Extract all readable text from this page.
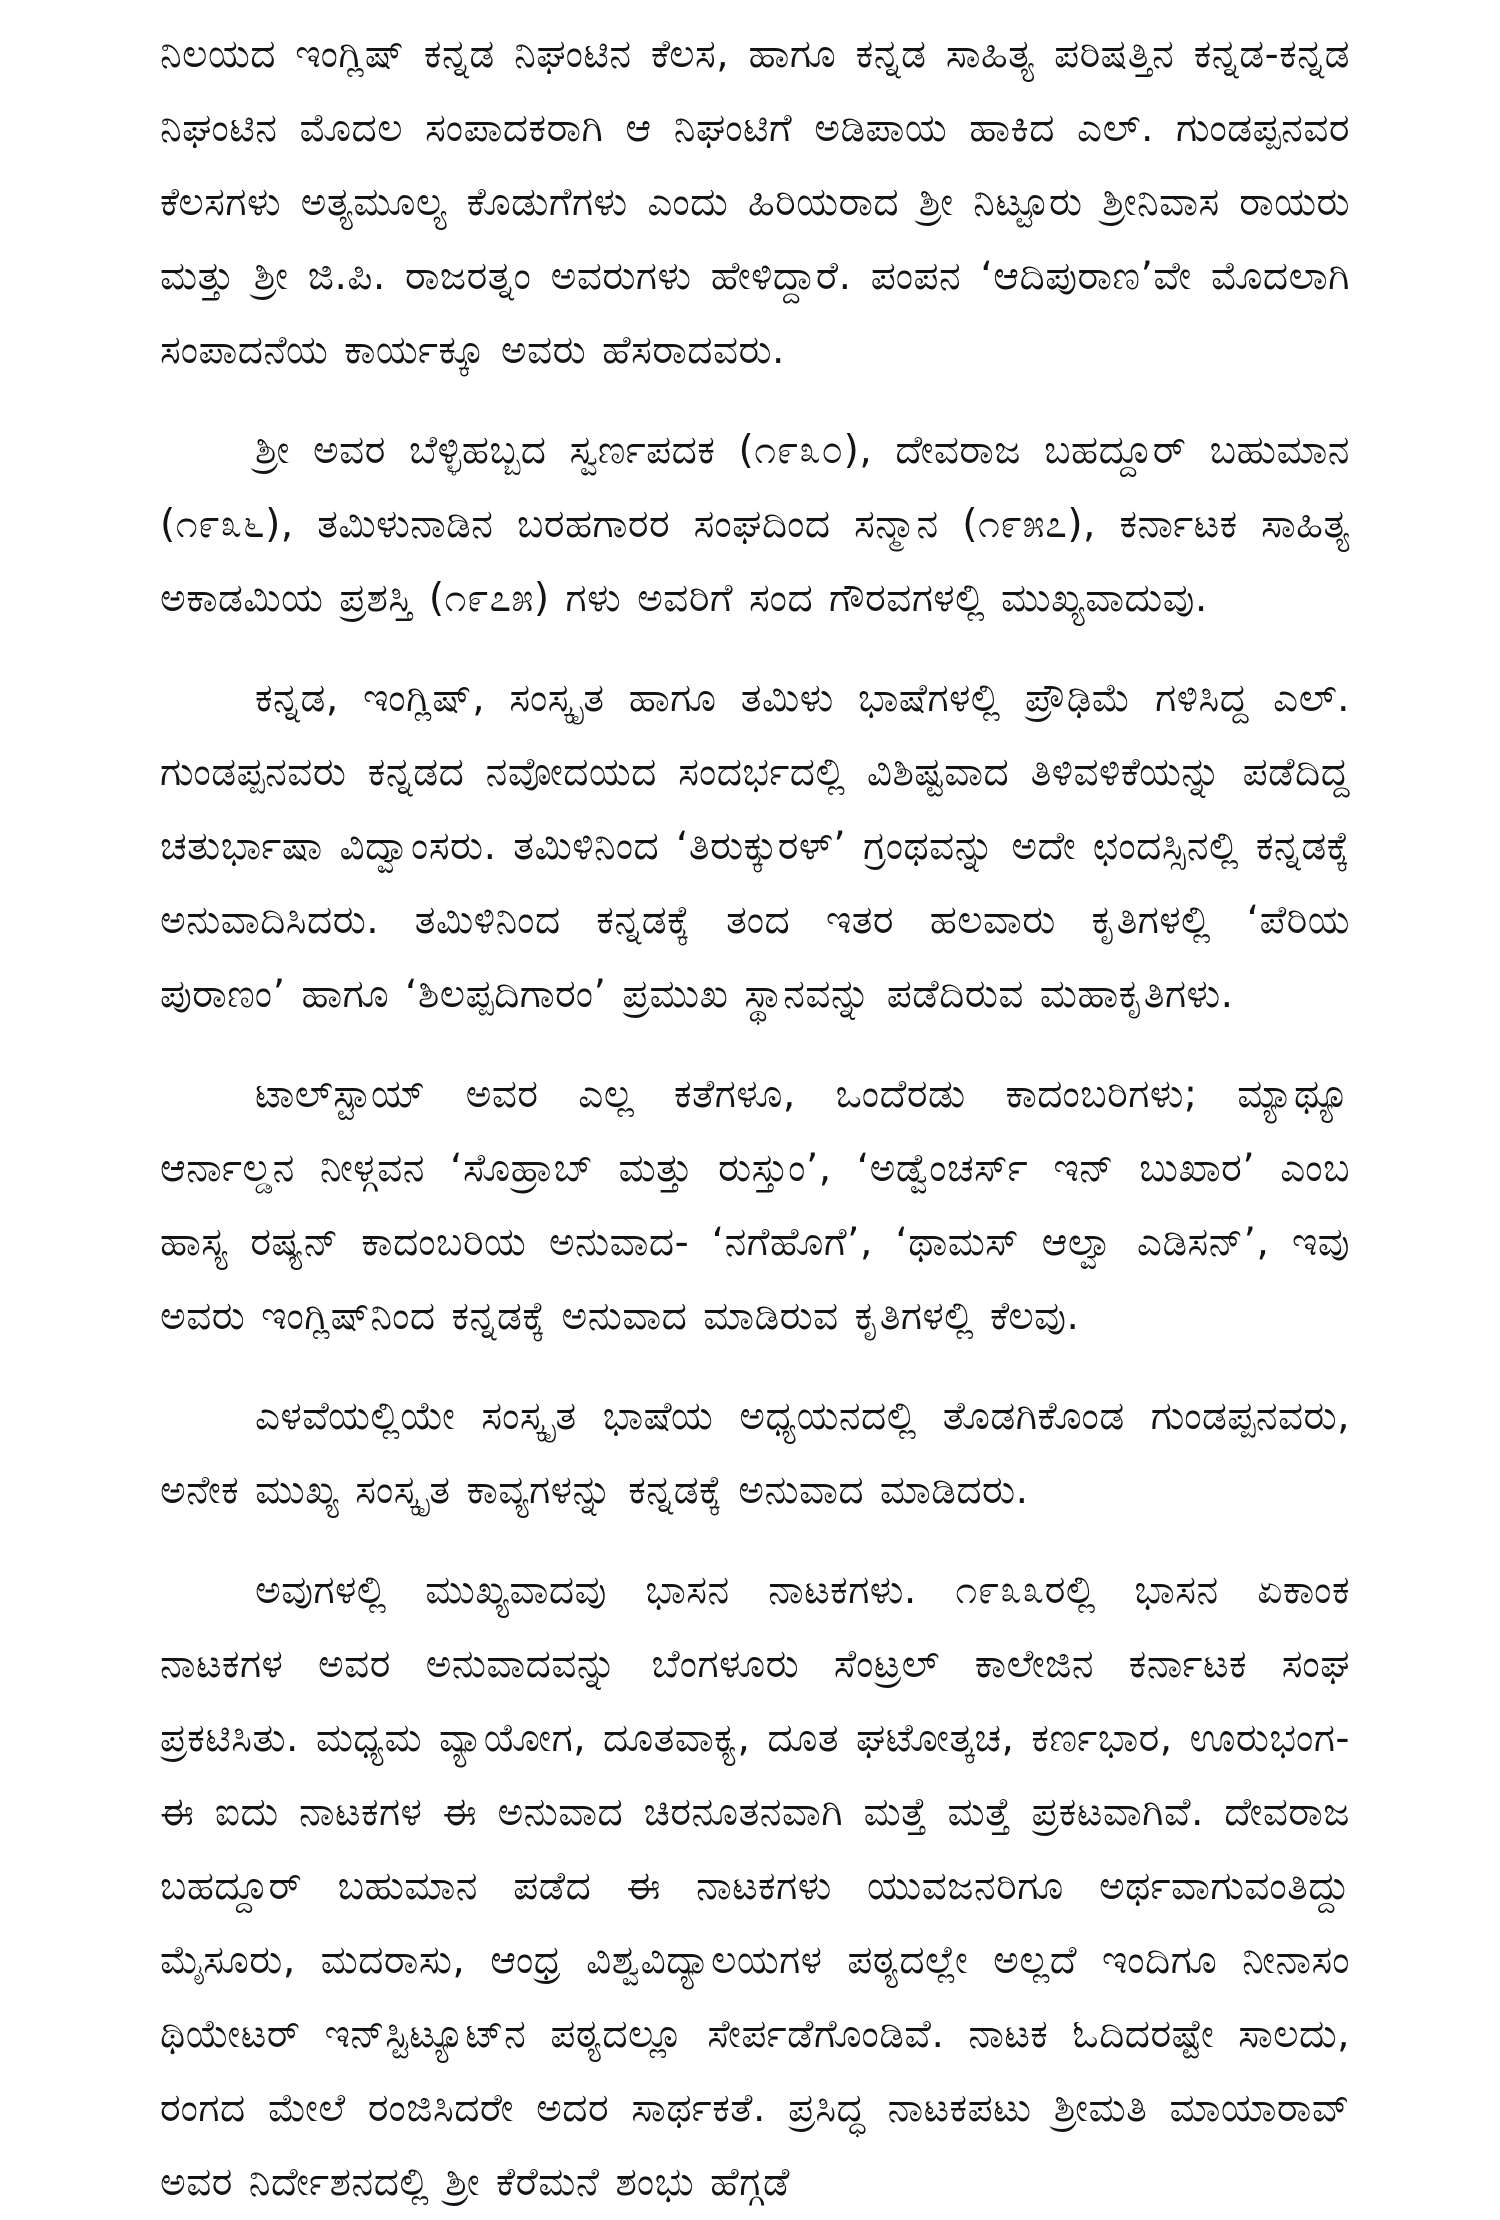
ನಿಲಯದ ಇಂಗ್ಲಿಷ್ ಕನ್ನಡ ನಿಘಂಟಿನ ಕೆಲಸ, ಹಾಗೂ ಕನ್ನಡ ಸಾಹಿತ್ಯ ಪರಿಷತ್ತಿನ ಕನ್ನಡ-ಕನ್ನಡ ನಿಘಂಟಿನ ಮೊದಲ ಸಂಪಾದಕರಾಗಿ ಆ ನಿಘಂಟಿಗೆ ಅಡಿಪಾಯ ಹಾಕಿದ ಎಲ್. ಗುಂಡಪ್ಪನವರ ಕೆಲಸಗಳು ಅತ್ಯಮೂಲ್ಯ ಕೊಡುಗೆಗಳು ಎಂದು ಹಿರಿಯರಾದ ಶ್ರೀ ನಿಟ್ಟೂರು ಶ್ರೀನಿವಾಸ ರಾಯರು ಮತ್ತು ಶ್ರೀ ಜಿ.ಪಿ. ರಾಜರತ್ನಂ ಅವರುಗಳು ಹೇಳಿದ್ದಾರೆ. ಪಂಪನ ‘ಆದಿಪುರಾಣ’ವೇ ಮೊದಲಾಗಿ ಸಂಪಾದನೆಯ ಕಾರ್ಯಕ್ಕೂ ಅವರು ಹೆಸರಾದವರು.

ಶ್ರೀ ಅವರ ಬೆಳ್ಳಿಹಬ್ಬದ ಸ್ವರ್ಣಪದಕ (೧೯೩೦), ದೇವರಾಜ ಬಹದ್ದೂರ್ ಬಹುಮಾನ (೧೯೩೬), ತಮಿಳುನಾಡಿನ ಬರಹಗಾರರ ಸಂಘದಿಂದ ಸನ್ಮಾನ (೧೯೫೭), ಕರ್ನಾಟಕ ಸಾಹಿತ್ಯ ಅಕಾಡಮಿಯ ಪ್ರಶಸ್ತಿ (೧೯೭೫) ಗಳು ಅವರಿಗೆ ಸಂದ ಗೌರವಗಳಲ್ಲಿ ಮುಖ್ಯವಾದುವು.

ಕನ್ನಡ, ಇಂಗ್ಲಿಷ್, ಸಂಸ್ಕೃತ ಹಾಗೂ ತಮಿಳು ಭಾಷೆಗಳಲ್ಲಿ ಪ್ರೌಢಿಮೆ ಗಳಿಸಿದ್ದ ಎಲ್. ಗುಂಡಪ್ಪನವರು ಕನ್ನಡದ ನವೋದಯದ ಸಂದರ್ಭದಲ್ಲಿ ವಿಶಿಷ್ಟವಾದ ತಿಳಿವಳಿಕೆಯನ್ನು ಪಡೆದಿದ್ದ ಚತುರ್ಭಾಷಾ ವಿದ್ವಾಂಸರು. ತಮಿಳಿನಿಂದ ‘ತಿರುಕ್ಕುರಳ್’ ಗ್ರಂಥವನ್ನು ಅದೇ ಛಂದಸ್ಸಿನಲ್ಲಿ ಕನ್ನಡಕ್ಕೆ ಅನುವಾದಿಸಿದರು. ತಮಿಳಿನಿಂದ ಕನ್ನಡಕ್ಕೆ ತಂದ ಇತರ ಹಲವಾರು ಕೃತಿಗಳಲ್ಲಿ ‘ಪೆರಿಯ ಪುರಾಣಂ’ ಹಾಗೂ ‘ಶಿಲಪ್ಪದಿಗಾರಂ’ ಪ್ರಮುಖ ಸ್ಥಾನವನ್ನು ಪಡೆದಿರುವ ಮಹಾಕೃತಿಗಳು.

ಟಾಲ್‌ಸ್ಟಾಯ್ ಅವರ ಎಲ್ಲ ಕತೆಗಳೂ, ಒಂದೆರಡು ಕಾದಂಬರಿಗಳು; ಮ್ಯಾಥ್ಯೂ ಆರ್ನಾಲ್ಡನ ನೀಳ್ಗವನ ‘ಸೊಹ್ರಾಬ್ ಮತ್ತು ರುಸ್ತುಂ’, ‘ಅಡ್ವೆಂಚರ್ಸ್ ಇನ್ ಬುಖಾರ’ ಎಂಬ ಹಾಸ್ಯ ರಷ್ಯನ್ ಕಾದಂಬರಿಯ ಅನುವಾದ- ‘ನಗೆಹೊಗೆ’, ‘ಥಾಮಸ್ ಆಲ್ವಾ ಎಡಿಸನ್’, ಇವು ಅವರು ಇಂಗ್ಲಿಷ್‌ನಿಂದ ಕನ್ನಡಕ್ಕೆ ಅನುವಾದ ಮಾಡಿರುವ ಕೃತಿಗಳಲ್ಲಿ ಕೆಲವು.

ಎಳವೆಯಲ್ಲಿಯೇ ಸಂಸ್ಕೃತ ಭಾಷೆಯ ಅಧ್ಯಯನದಲ್ಲಿ ತೊಡಗಿಕೊಂಡ ಗುಂಡಪ್ಪನವರು, ಅನೇಕ ಮುಖ್ಯ ಸಂಸ್ಕೃತ ಕಾವ್ಯಗಳನ್ನು ಕನ್ನಡಕ್ಕೆ ಅನುವಾದ ಮಾಡಿದರು.

ಅವುಗಳಲ್ಲಿ ಮುಖ್ಯವಾದವು ಭಾಸನ ನಾಟಕಗಳು. ೧೯೩೩ರಲ್ಲಿ ಭಾಸನ ಏಕಾಂಕ ನಾಟಕಗಳ ಅವರ ಅನುವಾದವನ್ನು ಬೆಂಗಳೂರು ಸೆಂಟ್ರಲ್ ಕಾಲೇಜಿನ ಕರ್ನಾಟಕ ಸಂಘ ಪ್ರಕಟಿಸಿತು. ಮಧ್ಯಮ ವ್ಯಾಯೋಗ, ದೂತವಾಕ್ಯ, ದೂತ ಘಟೋತ್ಕಚ, ಕರ್ಣಭಾರ, ಊರುಭಂಗ- ಈ ಐದು ನಾಟಕಗಳ ಈ ಅನುವಾದ ಚಿರನೂತನವಾಗಿ ಮತ್ತೆ ಮತ್ತೆ ಪ್ರಕಟವಾಗಿವೆ. ದೇವರಾಜ ಬಹದ್ದೂರ್ ಬಹುಮಾನ ಪಡೆದ ಈ ನಾಟಕಗಳು ಯುವಜನರಿಗೂ ಅರ್ಥವಾಗುವಂತಿದ್ದು ಮೈಸೂರು, ಮದರಾಸು, ಆಂಧ್ರ ವಿಶ್ವವಿದ್ಯಾಲಯಗಳ ಪಠ್ಯದಲ್ಲೇ ಅಲ್ಲದೆ ಇಂದಿಗೂ ನೀನಾಸಂ ಥಿಯೇಟರ್ ಇನ್‌ಸ್ಟಿಟ್ಯೂಟ್‌ನ ಪಠ್ಯದಲ್ಲೂ ಸೇರ್ಪಡೆಗೊಂಡಿವೆ. ನಾಟಕ ಓದಿದರಷ್ಟೇ ಸಾಲದು, ರಂಗದ ಮೇಲೆ ರಂಜಿಸಿದರೇ ಅದರ ಸಾರ್ಥಕತೆ. ಪ್ರಸಿದ್ಧ ನಾಟಕಪಟು ಶ್ರೀಮತಿ ಮಾಯಾರಾವ್ ಅವರ ನಿರ್ದೇಶನದಲ್ಲಿ ಶ್ರೀ ಕೆರೆಮನೆ ಶಂಭು ಹೆಗ್ಗಡೆ
